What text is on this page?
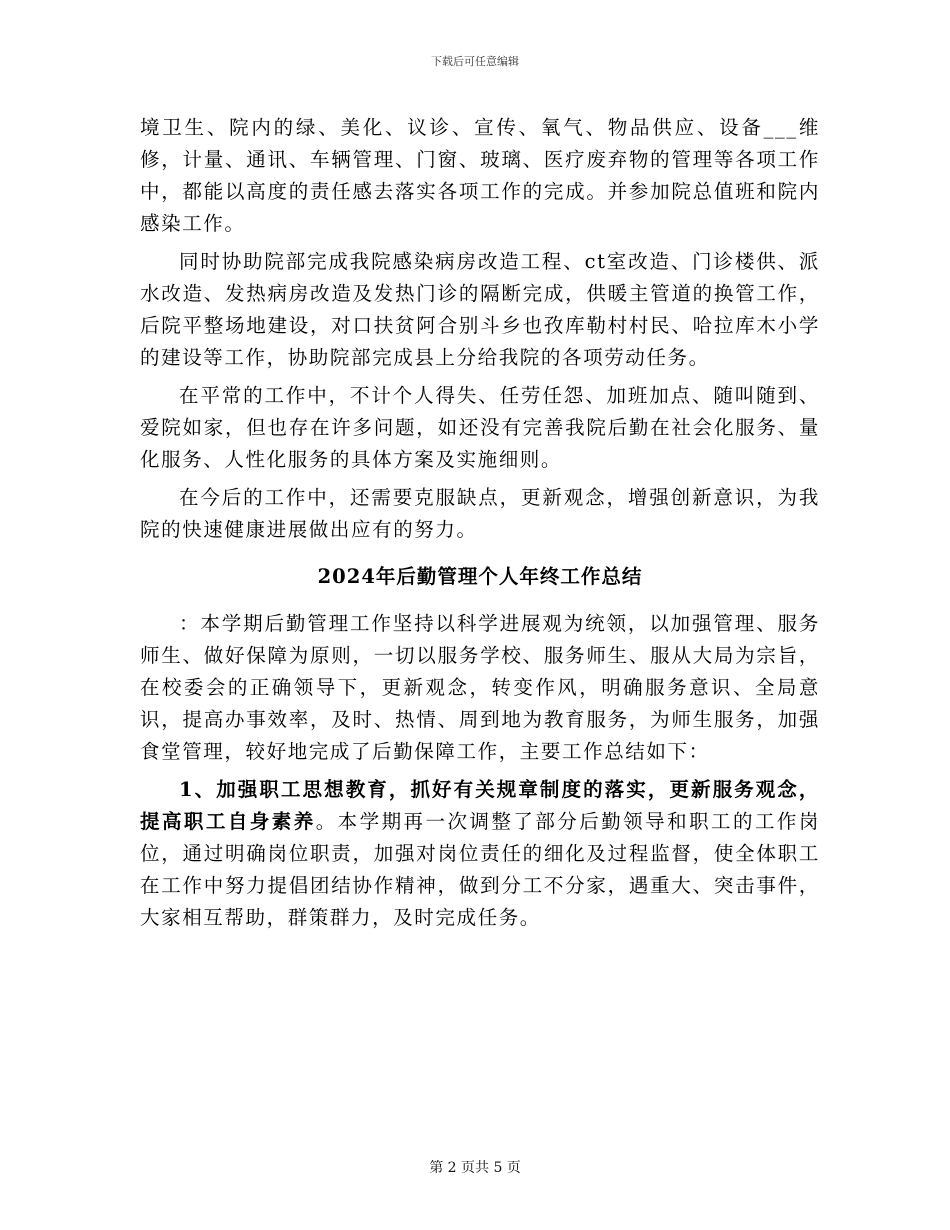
下载后可任意编辑

境卫生、院内的绿、美化、议诊、宣传、氧气、物品供应、设备___维修，计量、通讯、车辆管理、门窗、玻璃、医疗废弃物的管理等各项工作中，都能以高度的责任感去落实各项工作的完成。并参加院总值班和院内感染工作。

同时协助院部完成我院感染病房改造工程、ct室改造、门诊楼供、派水改造、发热病房改造及发热门诊的隔断完成，供暖主管道的换管工作，后院平整场地建设，对口扶贫阿合别斗乡也孜库勒村村民、哈拉库木小学的建设等工作，协助院部完成县上分给我院的各项劳动任务。

在平常的工作中，不计个人得失、任劳任怨、加班加点、随叫随到、爱院如家，但也存在许多问题，如还没有完善我院后勤在社会化服务、量化服务、人性化服务的具体方案及实施细则。

在今后的工作中，还需要克服缺点，更新观念，增强创新意识，为我院的快速健康进展做出应有的努力。

2024年后勤管理个人年终工作总结

：本学期后勤管理工作坚持以科学进展观为统领，以加强管理、服务师生、做好保障为原则，一切以服务学校、服务师生、服从大局为宗旨，在校委会的正确领导下，更新观念，转变作风，明确服务意识、全局意识，提高办事效率，及时、热情、周到地为教育服务，为师生服务，加强食堂管理，较好地完成了后勤保障工作，主要工作总结如下：

1、加强职工思想教育，抓好有关规章制度的落实，更新服务观念，提高职工自身素养。本学期再一次调整了部分后勤领导和职工的工作岗位，通过明确岗位职责，加强对岗位责任的细化及过程监督，使全体职工在工作中努力提倡团结协作精神，做到分工不分家，遇重大、突击事件，大家相互帮助，群策群力，及时完成任务。

第 2 页共 5 页
